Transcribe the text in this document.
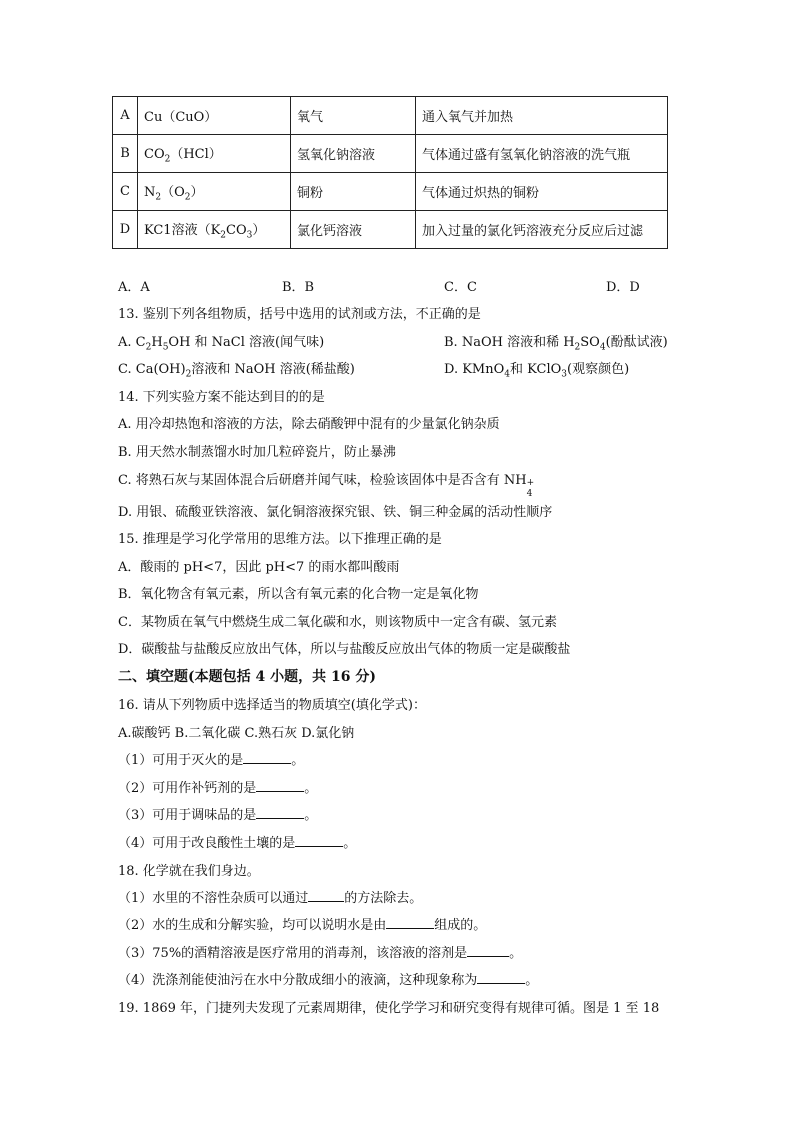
A	Cu（CuO）	氧气	通入氧气并加热
B	$CO_2(HCl)$	氢氧化钠溶液	气体通过盛有氢氧化钠溶液的洗气瓶
C	$N_2(O_2)$	铜粉	气体通过炽热的铜粉
D	KC1溶液$(K_2CO_3)$	氯化钙溶液	加入过量的氯化钙溶液充分反应后过滤
A．A	B．B	C．C	D．D
13. 鉴别下列各组物质，括号中选用的试剂或方法，不正确的是
A. $C_2H_5OH$ 和 NaCl 溶液(闻气味)	B. NaOH 溶液和稀 $H_2SO_4$(酚酞试液)
C. $Ca(OH)_2$溶液和 NaOH 溶液(稀盐酸)	D. KMnO$_4$和 KClO$_3$(观察颜色)
14. 下列实验方案不能达到目的的是
A. 用冷却热饱和溶液的方法，除去硝酸钾中混有的少量氯化钠杂质
B. 用天然水制蒸馏水时加几粒碎瓷片，防止暴沸
C. 将熟石灰与某固体混合后研磨并闻气味，检验该固体中是否含有 NH +
4
D. 用银、硫酸亚铁溶液、氯化铜溶液探究银、铁、铜三种金属的活动性顺序
15. 推理是学习化学常用的思维方法。以下推理正确的是
A．酸雨的 pH<7，因此 pH<7 的雨水都叫酸雨
B．氧化物含有氧元素，所以含有氧元素的化合物一定是氧化物
C．某物质在氧气中燃烧生成二氧化碳和水，则该物质中一定含有碳、氢元素
D．碳酸盐与盐酸反应放出气体，所以与盐酸反应放出气体的物质一定是碳酸盐
二、填空题(本题包括 4 小题，共 16 分)
16. 请从下列物质中选择适当的物质填空(填化学式)：
A.碳酸钙 B.二氧化碳 C.熟石灰 D.氯化钠
（1）可用于灭火的是	。
（2）可用作补钙剂的是	。
（3）可用于调味品的是	。
（4）可用于改良酸性土壤的是	。
18. 化学就在我们身边。
（1）水里的不溶性杂质可以通过	的方法除去。
（2）水的生成和分解实验，均可以说明水是由	组成的。
（3）75%的酒精溶液是医疗常用的消毒剂，该溶液的溶剂是	。
（4）洗涤剂能使油污在水中分散成细小的液滴，这种现象称为	。
19. 1869 年，门捷列夫发现了元素周期律，使化学学习和研究变得有规律可循。图是 1 至 18
